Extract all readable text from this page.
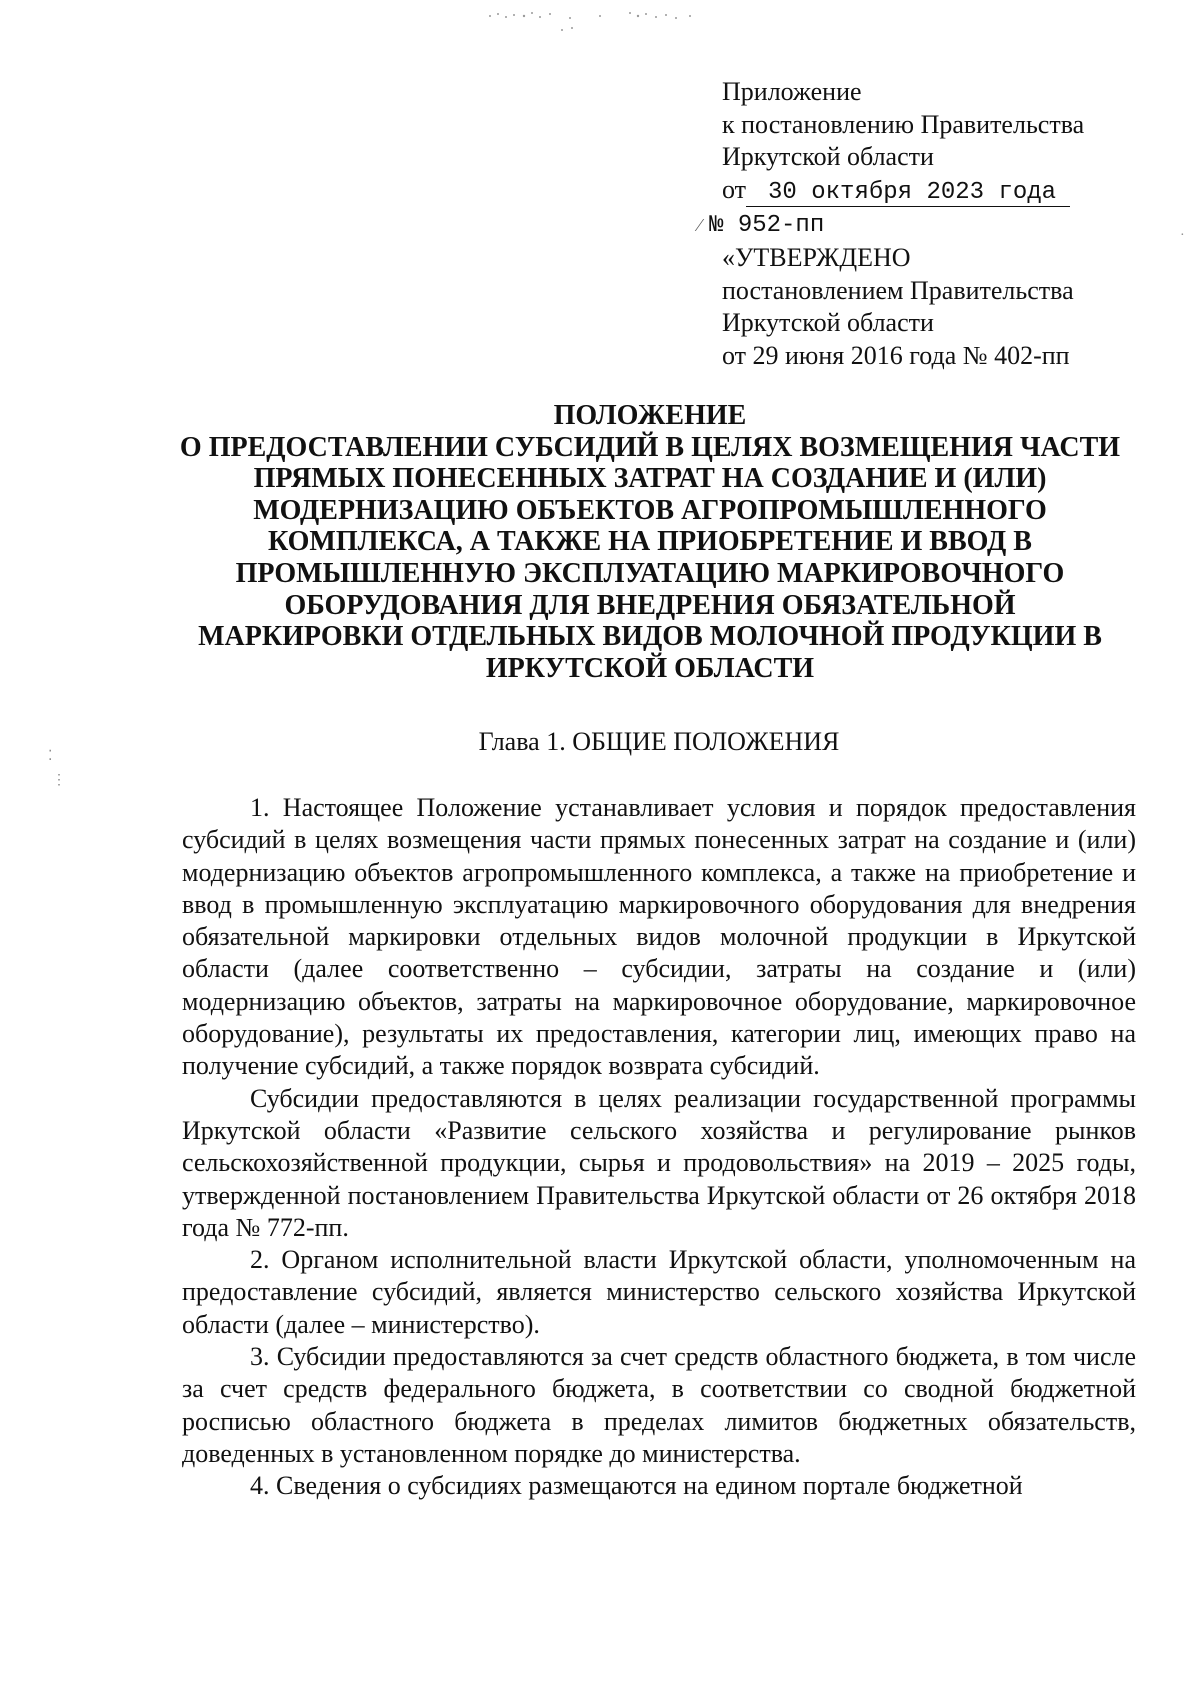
Приложение
к постановлению Правительства
Иркутской области
от 30 октября 2023 года
⁄ № 952-пп
«УТВЕРЖДЕНО
постановлением Правительства
Иркутской области
от 29 июня 2016 года № 402-пп
ПОЛОЖЕНИЕ
О ПРЕДОСТАВЛЕНИИ СУБСИДИЙ В ЦЕЛЯХ ВОЗМЕЩЕНИЯ ЧАСТИ
ПРЯМЫХ ПОНЕСЕННЫХ ЗАТРАТ НА СОЗДАНИЕ И (ИЛИ)
МОДЕРНИЗАЦИЮ ОБЪЕКТОВ АГРОПРОМЫШЛЕННОГО
КОМПЛЕКСА, А ТАКЖЕ НА ПРИОБРЕТЕНИЕ И ВВОД В
ПРОМЫШЛЕННУЮ ЭКСПЛУАТАЦИЮ МАРКИРОВОЧНОГО
ОБОРУДОВАНИЯ ДЛЯ ВНЕДРЕНИЯ ОБЯЗАТЕЛЬНОЙ
МАРКИРОВКИ ОТДЕЛЬНЫХ ВИДОВ МОЛОЧНОЙ ПРОДУКЦИИ В
ИРКУТСКОЙ ОБЛАСТИ
Глава 1. ОБЩИЕ ПОЛОЖЕНИЯ

1. Настоящее Положение устанавливает условия и порядок предоставления субсидий в целях возмещения части прямых понесенных затрат на создание и (или) модернизацию объектов агропромышленного комплекса, а также на приобретение и ввод в промышленную эксплуатацию маркировочного оборудования для внедрения обязательной маркировки отдельных видов молочной продукции в Иркутской области (далее соответственно – субсидии, затраты на создание и (или) модернизацию объектов, затраты на маркировочное оборудование, маркировочное оборудование), результаты их предоставления, категории лиц, имеющих право на получение субсидий, а также порядок возврата субсидий.

Субсидии предоставляются в целях реализации государственной программы Иркутской области «Развитие сельского хозяйства и регулирование рынков сельскохозяйственной продукции, сырья и продовольствия» на 2019 – 2025 годы, утвержденной постановлением Правительства Иркутской области от 26 октября 2018 года № 772-пп.

2. Органом исполнительной власти Иркутской области, уполномоченным на предоставление субсидий, является министерство сельского хозяйства Иркутской области (далее – министерство).

3. Субсидии предоставляются за счет средств областного бюджета, в том числе за счет средств федерального бюджета, в соответствии со сводной бюджетной росписью областного бюджета в пределах лимитов бюджетных обязательств, доведенных в установленном порядке до министерства.

4. Сведения о субсидиях размещаются на едином портале бюджетной

⁚
⋮
·
